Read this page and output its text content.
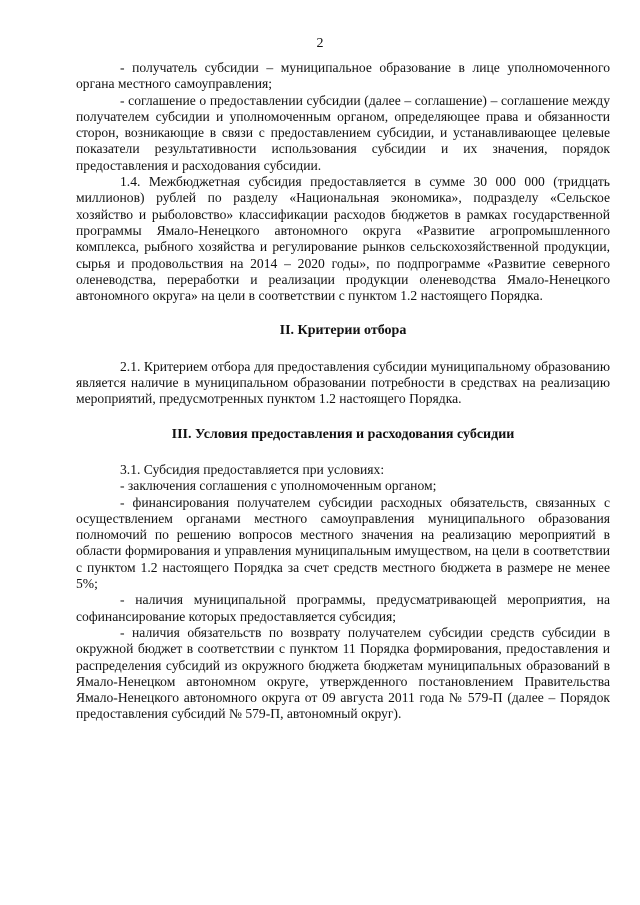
2

- получатель субсидии – муниципальное образование в лице уполномоченного органа местного самоуправления;

- соглашение о предоставлении субсидии (далее – соглашение) – соглашение между получателем субсидии и уполномоченным органом, определяющее права и обязанности сторон, возникающие в связи с предоставлением субсидии, и устанавливающее целевые показатели результативности использования субсидии и их значения, порядок предоставления и расходования субсидии.

1.4. Межбюджетная субсидия предоставляется в сумме 30 000 000 (тридцать миллионов) рублей по разделу «Национальная экономика», подразделу «Сельское хозяйство и рыболовство» классификации расходов бюджетов в рамках государственной программы Ямало-Ненецкого автономного округа «Развитие агропромышленного комплекса, рыбного хозяйства и регулирование рынков сельскохозяйственной продукции, сырья и продовольствия на 2014 – 2020 годы», по подпрограмме «Развитие северного оленеводства, переработки и реализации продукции оленеводства Ямало-Ненецкого автономного округа» на цели в соответствии с пунктом 1.2 настоящего Порядка.

II. Критерии отбора

2.1. Критерием отбора для предоставления субсидии муниципальному образованию является наличие в муниципальном образовании потребности в средствах на реализацию мероприятий, предусмотренных пунктом 1.2 настоящего Порядка.

III. Условия предоставления и расходования субсидии

3.1. Субсидия предоставляется при условиях:

- заключения соглашения с уполномоченным органом;

- финансирования получателем субсидии расходных обязательств, связанных с осуществлением органами местного самоуправления муниципального образования полномочий по решению вопросов местного значения на реализацию мероприятий в области формирования и управления муниципальным имуществом, на цели в соответствии с пунктом 1.2 настоящего Порядка за счет средств местного бюджета в размере не менее 5%;

- наличия муниципальной программы, предусматривающей мероприятия, на софинансирование которых предоставляется субсидия;

- наличия обязательств по возврату получателем субсидии средств субсидии в окружной бюджет в соответствии с пунктом 11 Порядка формирования, предоставления и распределения субсидий из окружного бюджета бюджетам муниципальных образований в Ямало-Ненецком автономном округе, утвержденного постановлением Правительства Ямало-Ненецкого автономного округа от 09 августа 2011 года № 579-П (далее – Порядок предоставления субсидий № 579-П, автономный округ).
